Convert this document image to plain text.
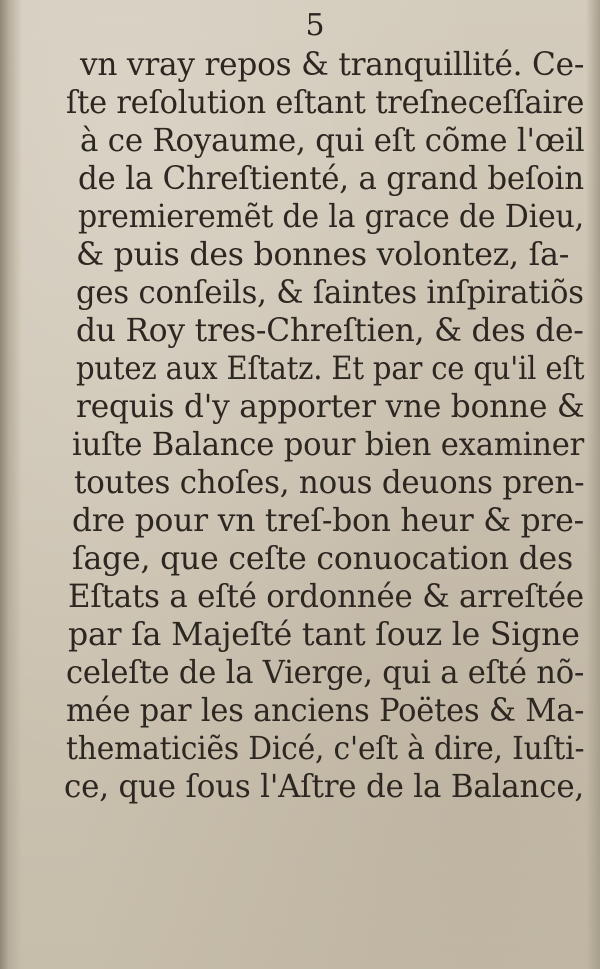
5
vn vray repos & tranquillité. Ce-
ſte reſolution eſtant treſneceſſaire
à ce Royaume, qui eſt cõme l'œil
de la Chreſtienté, a grand beſoin
premieremẽt de la grace de Dieu,
& puis des bonnes volontez, ſa-
ges conſeils, & ſaintes inſpiratiõs
du Roy tres-Chreſtien, & des de-
putez aux Eſtatz. Et par ce qu'il eſt
requis d'y apporter vne bonne &
iuſte Balance pour bien examiner
toutes choſes, nous deuons pren-
dre pour vn treſ-bon heur & pre-
ſage, que ceſte conuocation des
Eſtats a eſté ordonnée & arreſtée
par ſa Majeſté tant ſouz le Signe
celeſte de la Vierge, qui a eſté nõ-
mée par les anciens Poëtes & Ma-
thematiciẽs Dicé, c'eſt à dire, Iuſti-
ce, que ſous l'Aſtre de la Balance,
